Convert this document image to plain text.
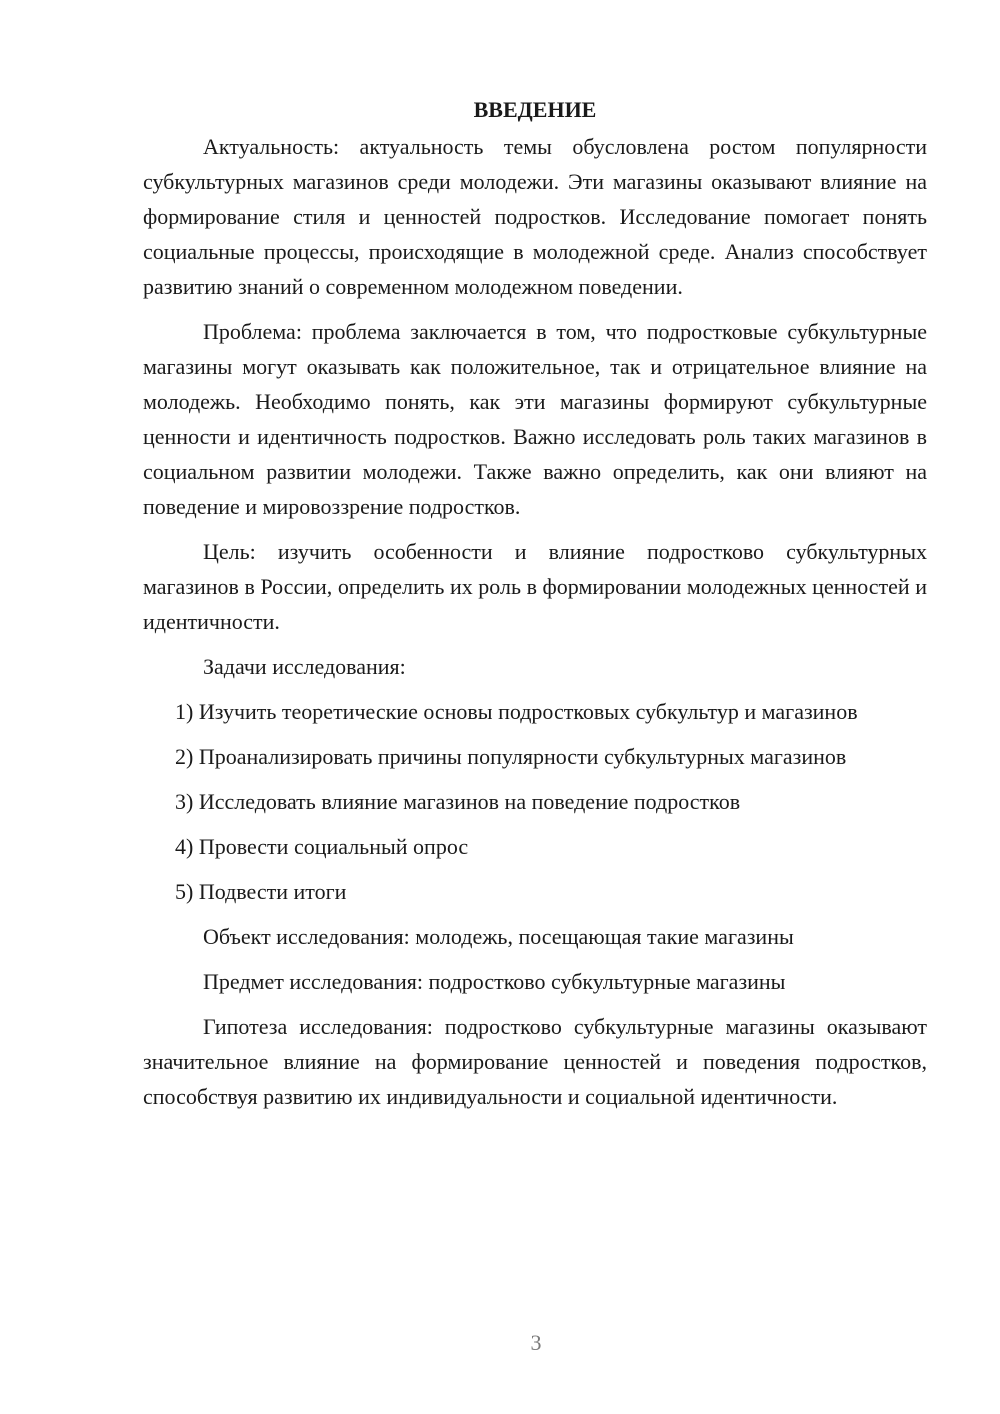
ВВЕДЕНИЕ

Актуальность: актуальность темы обусловлена ростом популярности субкультурных магазинов среди молодежи. Эти магазины оказывают влияние на формирование стиля и ценностей подростков. Исследование помогает понять социальные процессы, происходящие в молодежной среде. Анализ способствует развитию знаний о современном молодежном поведении.

Проблема: проблема заключается в том, что подростковые субкультурные магазины могут оказывать как положительное, так и отрицательное влияние на молодежь. Необходимо понять, как эти магазины формируют субкультурные ценности и идентичность подростков. Важно исследовать роль таких магазинов в социальном развитии молодежи. Также важно определить, как они влияют на поведение и мировоззрение подростков.

Цель: изучить особенности и влияние подростково субкультурных магазинов в России, определить их роль в формировании молодежных ценностей и идентичности.

Задачи исследования:

1) Изучить теоретические основы подростковых субкультур и магазинов

2) Проанализировать причины популярности субкультурных магазинов

3) Исследовать влияние магазинов на поведение подростков

4) Провести социальный опрос

5) Подвести итоги

Объект исследования: молодежь, посещающая такие магазины

Предмет исследования: подростково субкультурные магазины

Гипотеза исследования: подростково субкультурные магазины оказывают значительное влияние на формирование ценностей и поведения подростков, способствуя развитию их индивидуальности и социальной идентичности.

3
